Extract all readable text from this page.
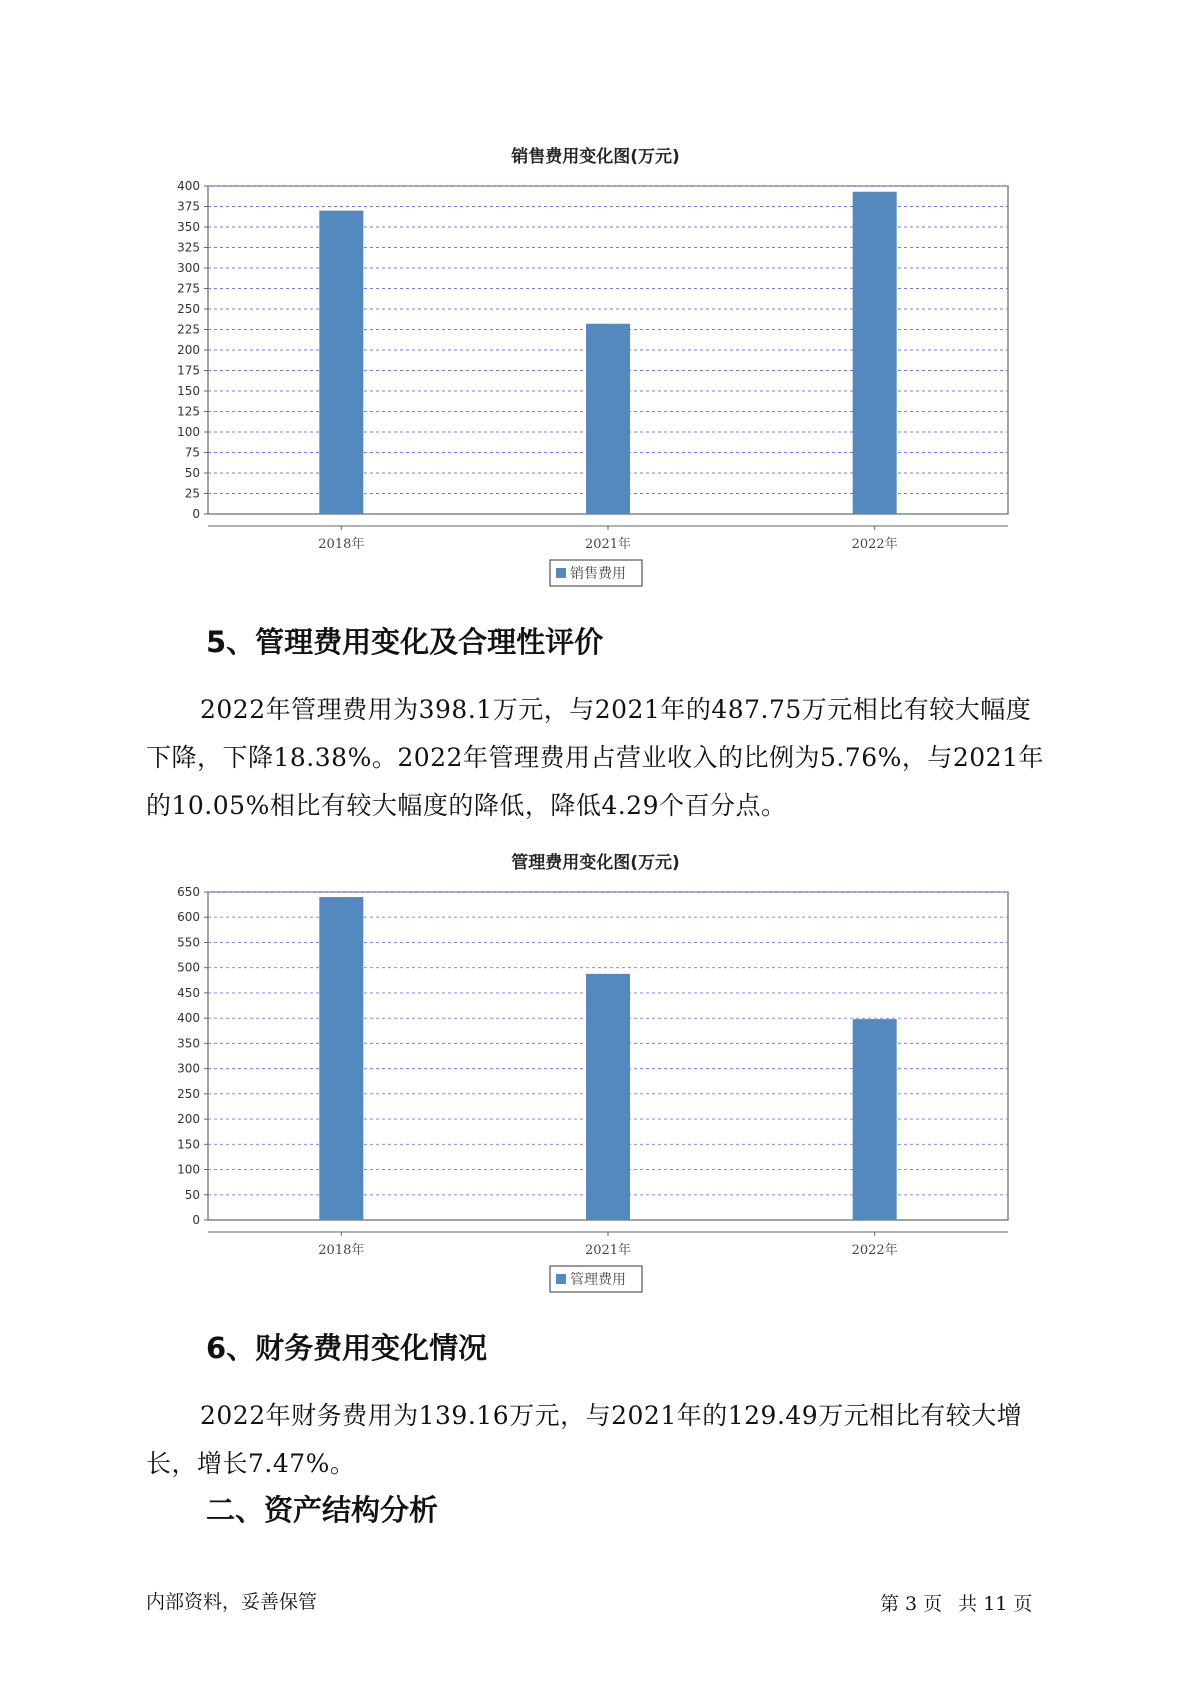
销售费用变化图(万元)
0
25
50
75
100
125
150
175
200
225
250
275
300
325
350
375
400
2018年	2021年	2022年
销售费用
5、管理费用变化及合理性评价
2022年管理费用为398.1万元，与2021年的487.75万元相比有较大幅度
下降，下降18.38%。2022年管理费用占营业收入的比例为5.76%，与2021年
的10.05%相比有较大幅度的降低，降低4.29个百分点。
管理费用变化图(万元)
0
50
100
150
200
250
300
350
400
450
500
550
600
650
2018年	2021年	2022年
管理费用
6、财务费用变化情况
2022年财务费用为139.16万元，与2021年的129.49万元相比有较大增
长，增长7.47%。
二、资产结构分析
内部资料，妥善保管	第 3 页 共 11 页
